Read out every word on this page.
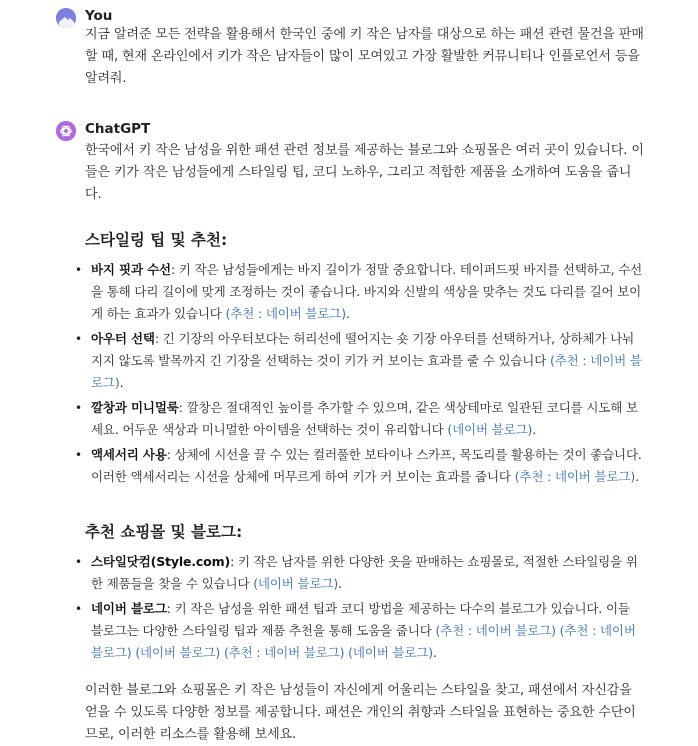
You
지금 알려준 모든 전략을 활용해서 한국인 중에 키 작은 남자를 대상으로 하는 패션 관련 물건을 판매할 때, 현재 온라인에서 키가 작은 남자들이 많이 모여있고 가장 활발한 커뮤니티나 인플로언서 등을 알려줘.
ChatGPT
한국에서 키 작은 남성을 위한 패션 관련 정보를 제공하는 블로그와 쇼핑몰은 여러 곳이 있습니다. 이들은 키가 작은 남성들에게 스타일링 팁, 코디 노하우, 그리고 적합한 제품을 소개하여 도움을 줍니다.
스타일링 팁 및 추천:
• 바지 핏과 수선: 키 작은 남성들에게는 바지 길이가 정말 중요합니다. 테이퍼드핏 바지를 선택하고, 수선을 통해 다리 길이에 맞게 조정하는 것이 좋습니다. 바지와 신발의 색상을 맞추는 것도 다리를 길어 보이게 하는 효과가 있습니다 (추천 : 네이버 블로그).
• 아우터 선택: 긴 기장의 아우터보다는 허리선에 떨어지는 숏 기장 아우터를 선택하거나, 상하체가 나눠지지 않도록 발목까지 긴 기장을 선택하는 것이 키가 커 보이는 효과를 줄 수 있습니다 (추천 : 네이버 블로그).
• 깔창과 미니멀룩: 깔창은 절대적인 높이를 추가할 수 있으며, 같은 색상테마로 일관된 코디를 시도해 보세요. 어두운 색상과 미니멀한 아이템을 선택하는 것이 유리합니다 (네이버 블로그).
• 액세서리 사용: 상체에 시선을 끌 수 있는 컬러풀한 보타이나 스카프, 목도리를 활용하는 것이 좋습니다. 이러한 액세서리는 시선을 상체에 머무르게 하여 키가 커 보이는 효과를 줍니다 (추천 : 네이버 블로그).
추천 쇼핑몰 및 블로그:
• 스타일닷컴(Style.com): 키 작은 남자를 위한 다양한 옷을 판매하는 쇼핑몰로, 적절한 스타일링을 위한 제품들을 찾을 수 있습니다 (네이버 블로그).
• 네이버 블로그: 키 작은 남성을 위한 패션 팁과 코디 방법을 제공하는 다수의 블로그가 있습니다. 이들 블로그는 다양한 스타일링 팁과 제품 추천을 통해 도움을 줍니다 (추천 : 네이버 블로그) (추천 : 네이버 블로그) (네이버 블로그) (추천 : 네이버 블로그) (네이버 블로그).
이러한 블로그와 쇼핑몰은 키 작은 남성들이 자신에게 어울리는 스타일을 찾고, 패션에서 자신감을 얻을 수 있도록 다양한 정보를 제공합니다. 패션은 개인의 취향과 스타일을 표현하는 중요한 수단이므로, 이러한 리소스를 활용해 보세요.
